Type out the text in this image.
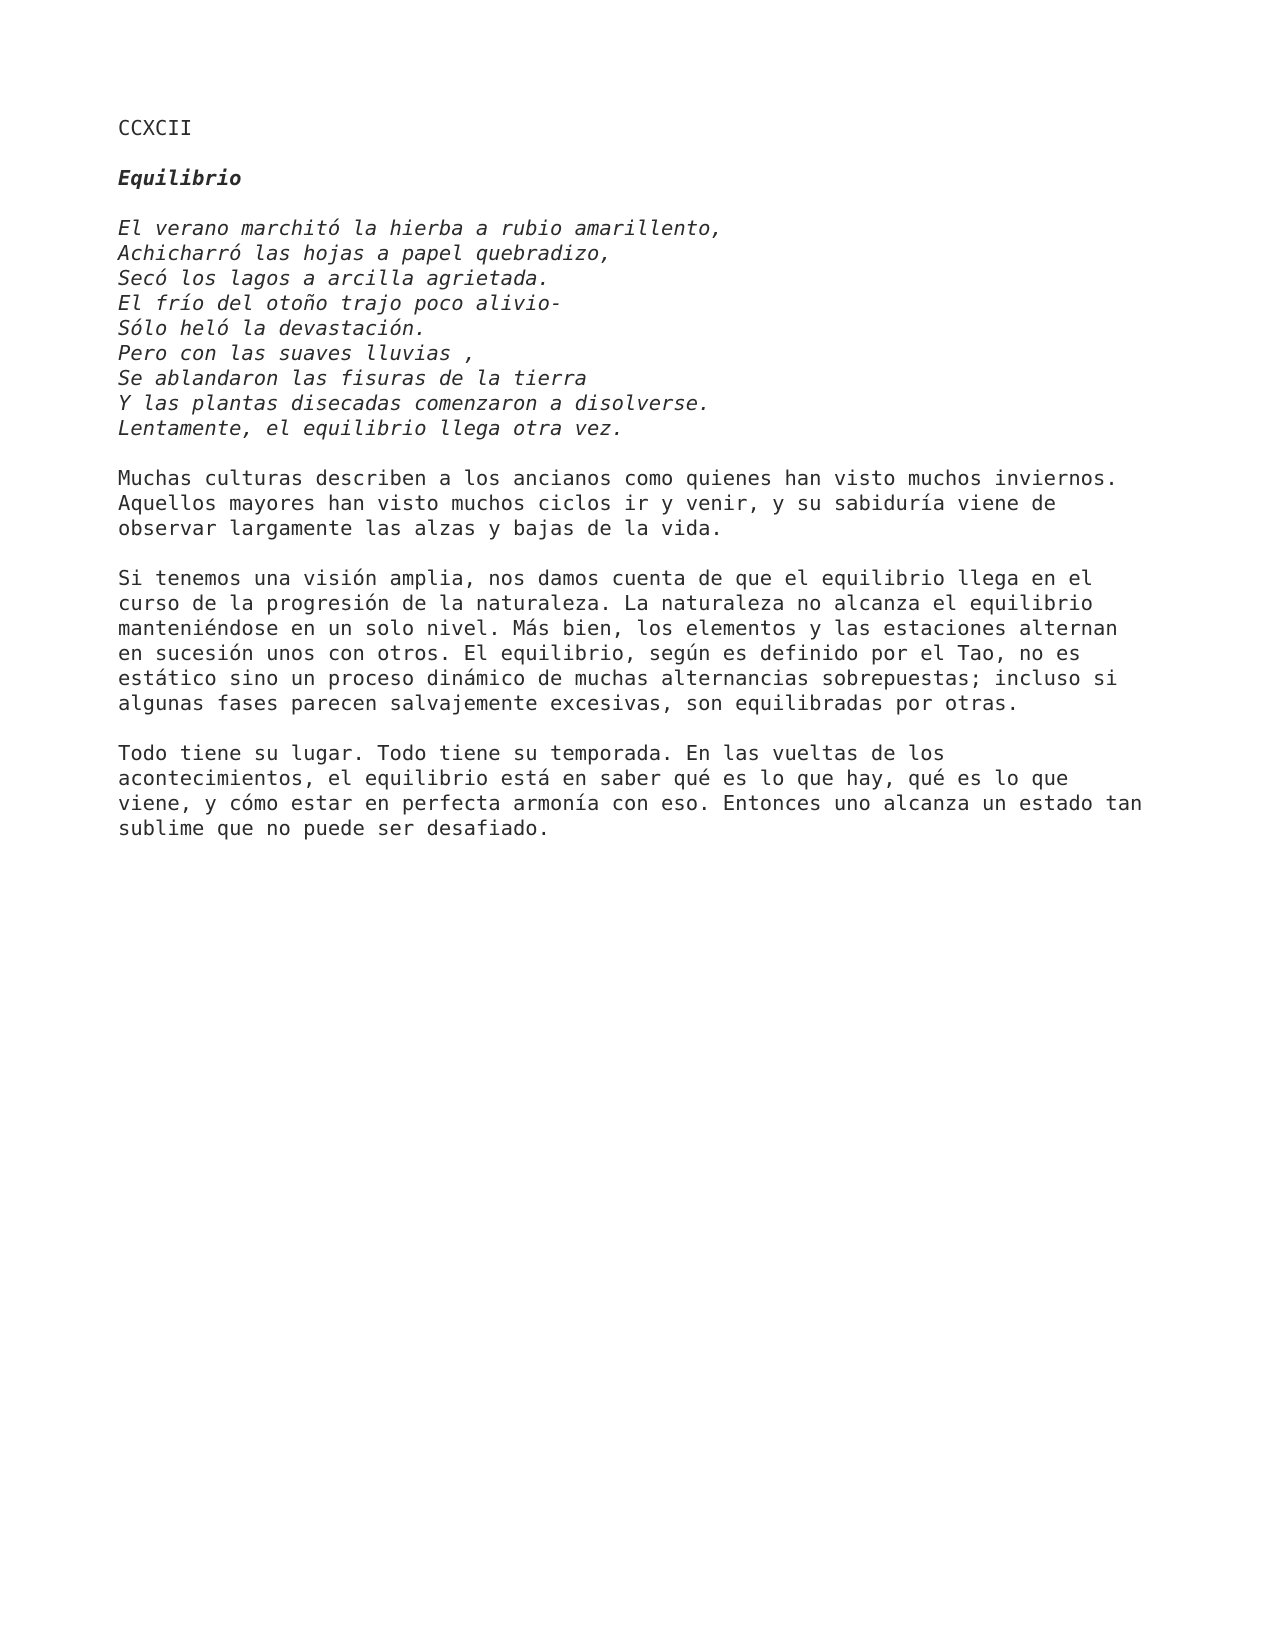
CCXCII
Equilibrio
El verano marchitó la hierba a rubio amarillento,
Achicharró las hojas a papel quebradizo,
Secó los lagos a arcilla agrietada.
El frío del otoño trajo poco alivio-
Sólo heló la devastación.
Pero con las suaves lluvias ,
Se ablandaron las fisuras de la tierra
Y las plantas disecadas comenzaron a disolverse.
Lentamente, el equilibrio llega otra vez.
Muchas culturas describen a los ancianos como quienes han visto muchos inviernos.
Aquellos mayores han visto muchos ciclos ir y venir, y su sabiduría viene de
observar largamente las alzas y bajas de la vida.
Si tenemos una visión amplia, nos damos cuenta de que el equilibrio llega en el
curso de la progresión de la naturaleza. La naturaleza no alcanza el equilibrio
manteniéndose en un solo nivel. Más bien, los elementos y las estaciones alternan
en sucesión unos con otros. El equilibrio, según es definido por el Tao, no es
estático sino un proceso dinámico de muchas alternancias sobrepuestas; incluso si
algunas fases parecen salvajemente excesivas, son equilibradas por otras.
Todo tiene su lugar. Todo tiene su temporada. En las vueltas de los
acontecimientos, el equilibrio está en saber qué es lo que hay, qué es lo que
viene, y cómo estar en perfecta armonía con eso. Entonces uno alcanza un estado tan
sublime que no puede ser desafiado.
